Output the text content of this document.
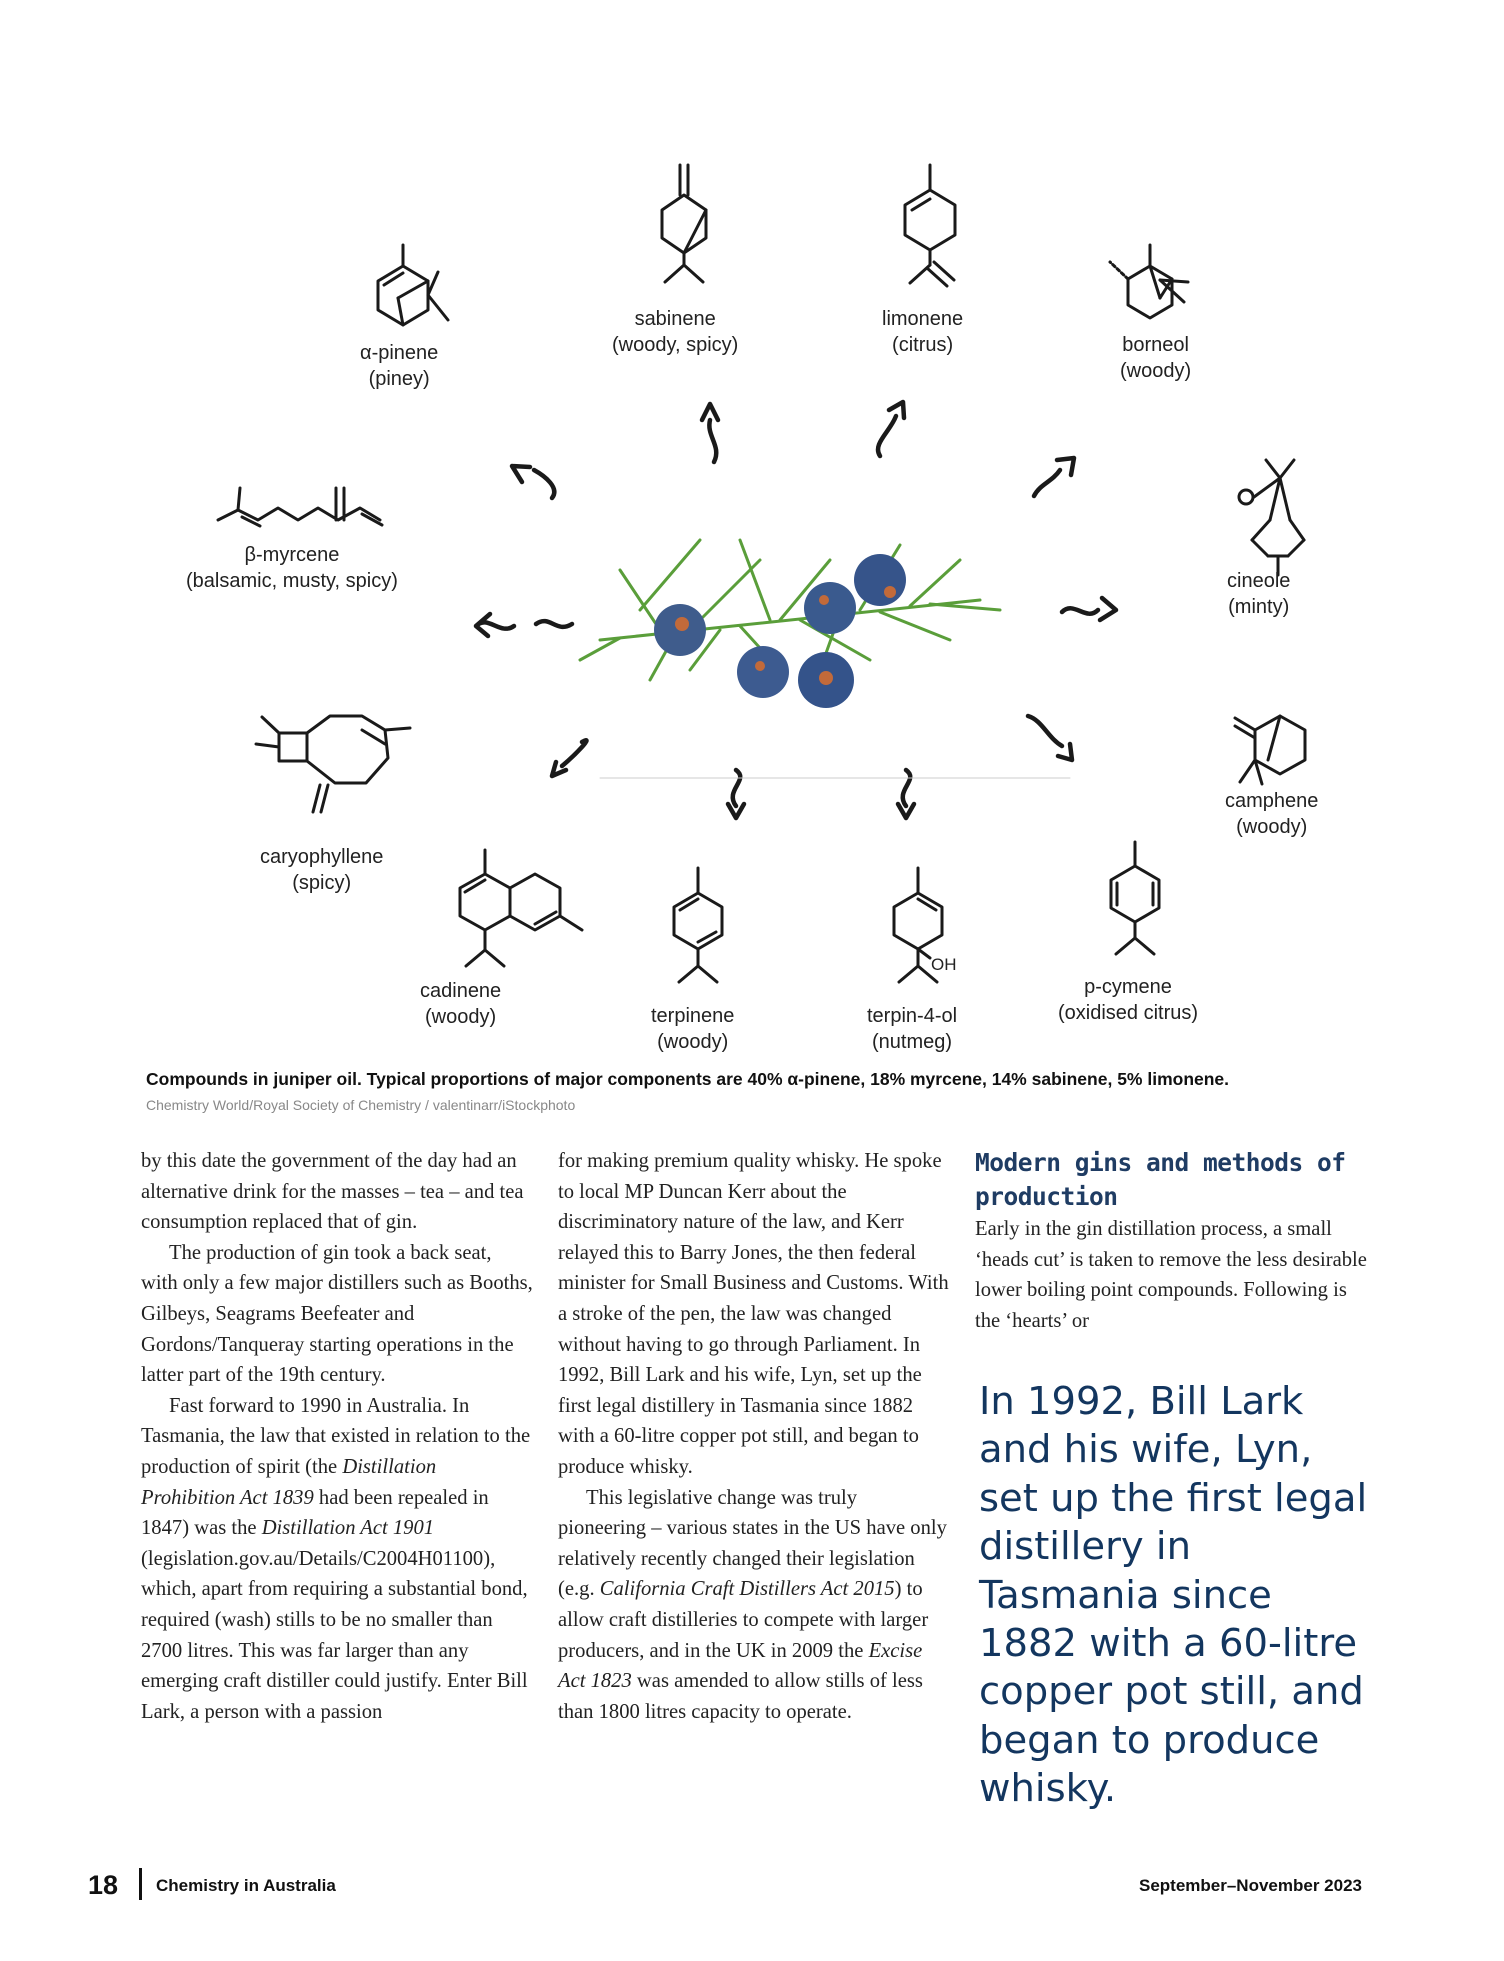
α-pinene
(piney)
sabinene
(woody, spicy)
limonene
(citrus)	borneol
(woody)
β-myrcene
(balsamic, musty, spicy)	cineole
(minty)
caryophyllene
(spicy)
camphene
(woody)
cadinene
(woody)	terpinene
(woody)
terpin-4-ol
(nutmeg)
p-cymene
(oxidised citrus)
OH
Compounds in juniper oil. Typical proportions of major components are 40% α-pinene, 18% myrcene, 14% sabinene, 5% limonene.
Chemistry World/Royal Society of Chemistry / valentinarr/iStockphoto

by this date the government of the day had an alternative drink for the masses – tea – and tea consumption replaced that of gin.

The production of gin took a back seat, with only a few major distillers such as Booths, Gilbeys, Seagrams Beefeater and Gordons/Tanqueray starting operations in the latter part of the 19th century.

Fast forward to 1990 in Australia. In Tasmania, the law that existed in relation to the production of spirit (the Distillation Prohibition Act 1839 had been repealed in 1847) was the Distillation Act 1901 (legislation.gov.au/Details/C2004H01100), which, apart from requiring a substantial bond, required (wash) stills to be no smaller than 2700 litres. This was far larger than any emerging craft distiller could justify. Enter Bill Lark, a person with a passion

for making premium quality whisky. He spoke to local MP Duncan Kerr about the discriminatory nature of the law, and Kerr relayed this to Barry Jones, the then federal minister for Small Business and Customs. With a stroke of the pen, the law was changed without having to go through Parliament. In 1992, Bill Lark and his wife, Lyn, set up the first legal distillery in Tasmania since 1882 with a 60-litre copper pot still, and began to produce whisky.

This legislative change was truly pioneering – various states in the US have only relatively recently changed their legislation (e.g. California Craft Distillers Act 2015) to allow craft distilleries to compete with larger producers, and in the UK in 2009 the Excise Act 1823 was amended to allow stills of less than 1800 litres capacity to operate.

Modern gins and methods of production

Early in the gin distillation process, a small ‘heads cut’ is taken to remove the less desirable lower boiling point compounds. Following is the ‘hearts’ or

In 1992, Bill Lark and his wife, Lyn, set up the first legal distillery in Tasmania since 1882 with a 60-litre copper pot still, and began to produce whisky.
18 Chemistry in Australia	September–November 2023
